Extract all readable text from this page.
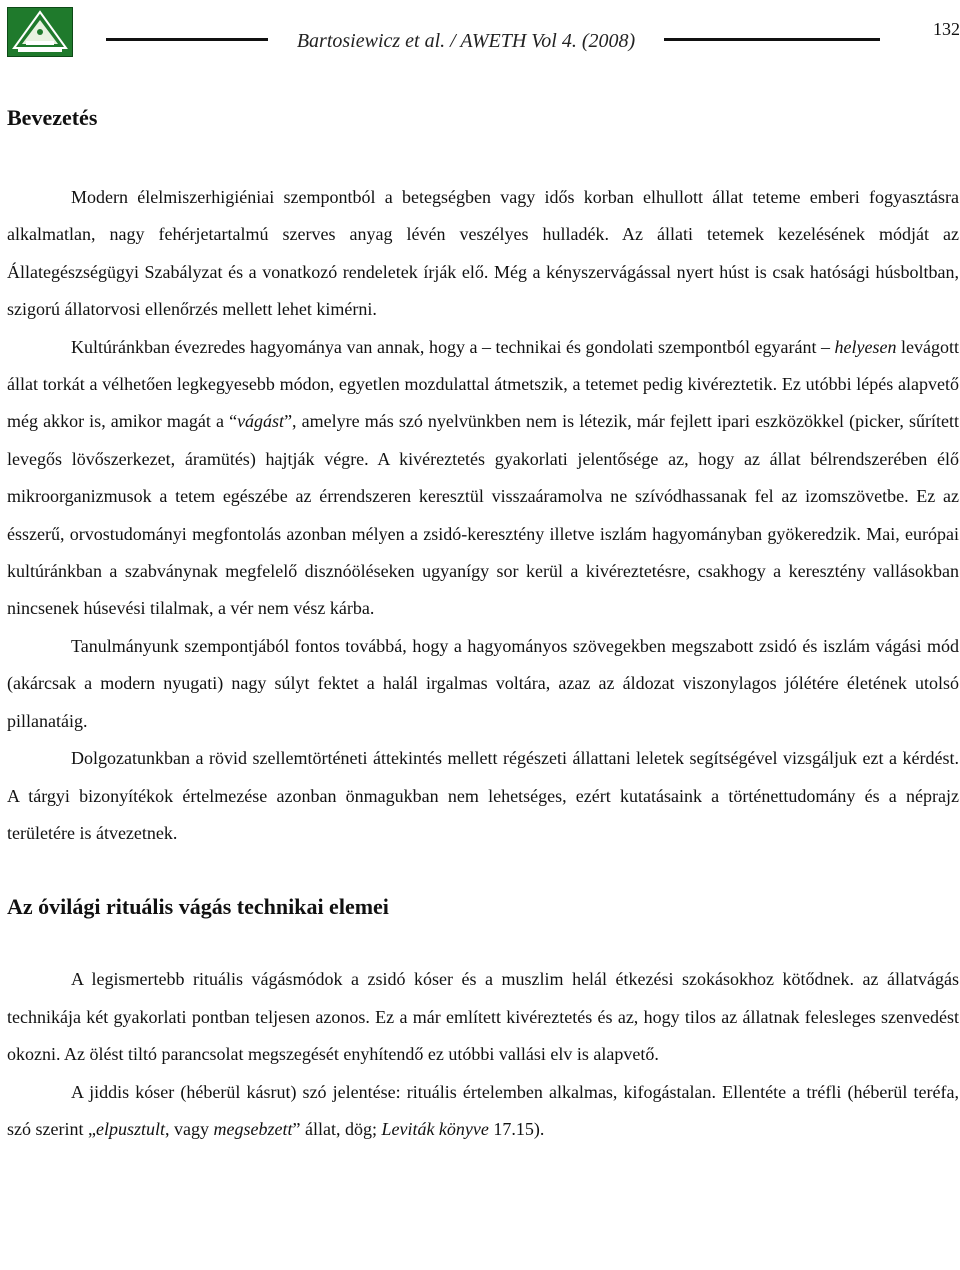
Bartosiewicz et al. / AWETH Vol 4. (2008)
132
Bevezetés

Modern élelmiszerhigiéniai szempontból a betegségben vagy idős korban elhullott állat teteme emberi fogyasztásra alkalmatlan, nagy fehérjetartalmú szerves anyag lévén veszélyes hulladék. Az állati tetemek kezelésének módját az Állategészségügyi Szabályzat és a vonatkozó rendeletek írják elő. Még a kényszervágással nyert húst is csak hatósági húsboltban, szigorú állatorvosi ellenőrzés mellett lehet kimérni.

Kultúránkban évezredes hagyománya van annak, hogy a – technikai és gondolati szempontból egyaránt – helyesen levágott állat torkát a vélhetően legkegyesebb módon, egyetlen mozdulattal átmetszik, a tetemet pedig kivéreztetik. Ez utóbbi lépés alapvető még akkor is, amikor magát a “vágást”, amelyre más szó nyelvünkben nem is létezik, már fejlett ipari eszközökkel (picker, sűrített levegős lövőszerkezet, áramütés) hajtják végre. A kivéreztetés gyakorlati jelentősége az, hogy az állat bélrendszerében élő mikroorganizmusok a tetem egészébe az érrendszeren keresztül visszaáramolva ne szívódhassanak fel az izomszövetbe. Ez az ésszerű, orvostudományi megfontolás azonban mélyen a zsidó-keresztény illetve iszlám hagyományban gyökeredzik. Mai, európai kultúránkban a szabványnak megfelelő disznóöléseken ugyanígy sor kerül a kivéreztetésre, csakhogy a keresztény vallásokban nincsenek húsevési tilalmak, a vér nem vész kárba.

Tanulmányunk szempontjából fontos továbbá, hogy a hagyományos szövegekben megszabott zsidó és iszlám vágási mód (akárcsak a modern nyugati) nagy súlyt fektet a halál irgalmas voltára, azaz az áldozat viszonylagos jólétére életének utolsó pillanatáig.

Dolgozatunkban a rövid szellemtörténeti áttekintés mellett régészeti állattani leletek segítségével vizsgáljuk ezt a kérdést. A tárgyi bizonyítékok értelmezése azonban önmagukban nem lehetséges, ezért kutatásaink a történettudomány és a néprajz területére is átvezetnek.

Az óvilági rituális vágás technikai elemei

A legismertebb rituális vágásmódok a zsidó kóser és a muszlim helál étkezési szokásokhoz kötődnek. az állatvágás technikája két gyakorlati pontban teljesen azonos. Ez a már említett kivéreztetés és az, hogy tilos az állatnak felesleges szenvedést okozni. Az ölést tiltó parancsolat megszegését enyhítendő ez utóbbi vallási elv is alapvető.

A jiddis kóser (héberül kásrut) szó jelentése: rituális értelemben alkalmas, kifogástalan. Ellentéte a tréfli (héberül teréfa, szó szerint „elpusztult, vagy megsebzett” állat, dög; Leviták könyve 17.15).
